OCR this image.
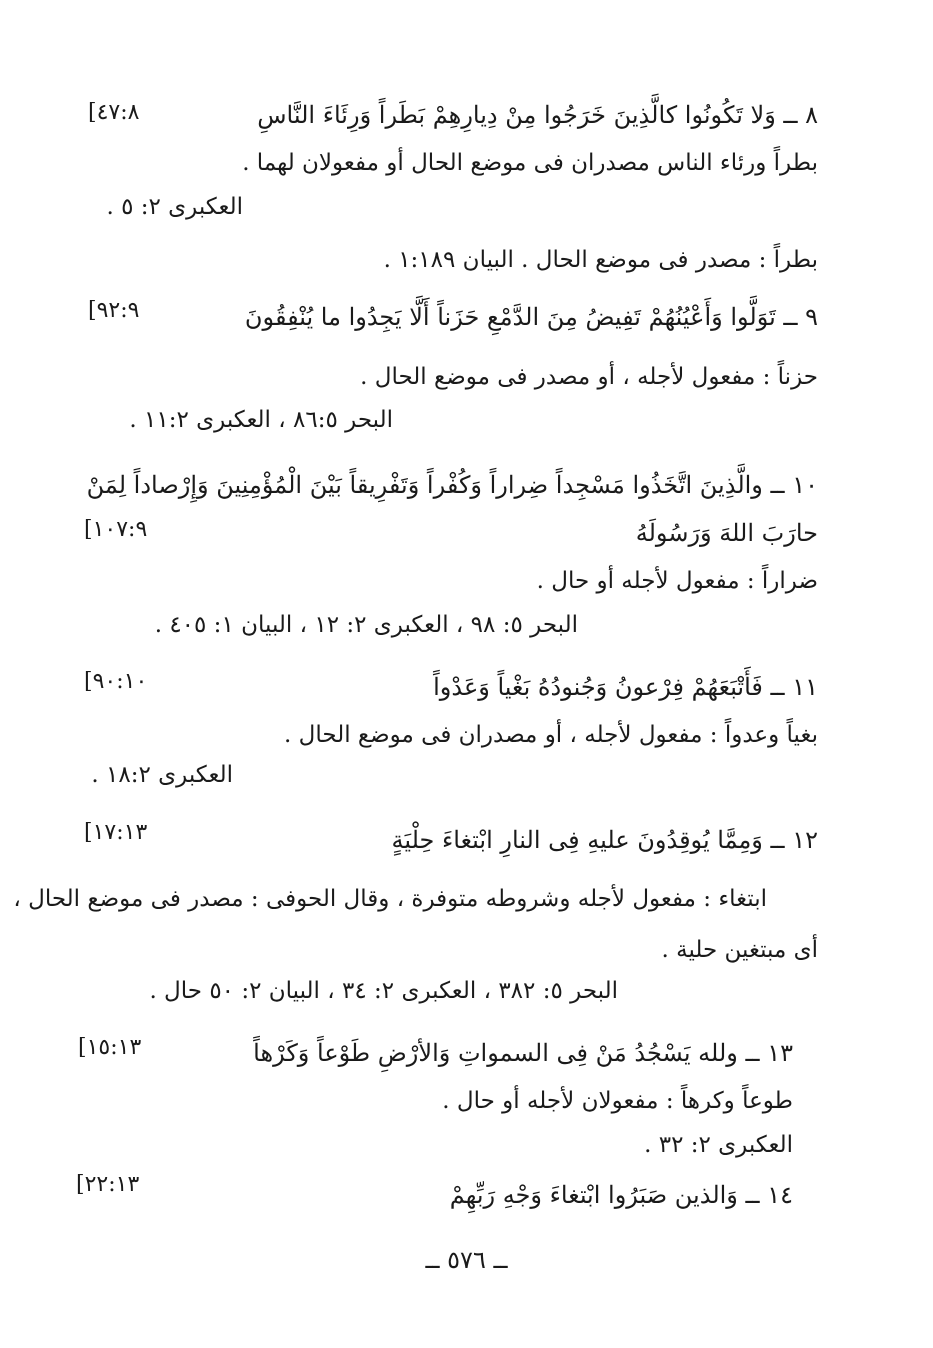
٨ ــ وَلا تَكُونُوا كالَّذِينَ خَرَجُوا مِنْ دِيارِهِمْ بَطَراً وَرِئَاءَ النَّاسِ
[٤٧:٨
بطراً ورئاء الناس مصدران فى موضع الحال أو مفعولان لهما .
العكبرى ٢: ٥ .
بطراً : مصدر فى موضع الحال . البيان ١:١٨٩ .
٩ ــ تَوَلَّوا وَأَعْيُنُهُمْ تَفِيضُ مِنَ الدَّمْعِ حَزَناً أَلَّا يَجِدُوا ما يُنْفِقُونَ
[٩٢:٩
حزناً : مفعول لأجله ، أو مصدر فى موضع الحال .
البحر ٨٦:٥ ، العكبرى ١١:٢ .
١٠ ــ والَّذِينَ اتَّخَذُوا مَسْجِداً ضِراراً وَكُفْراً وَتَفْرِيقاً بَيْنَ الْمُؤْمِنِينَ وَإِرْصاداً لِمَنْ
حارَبَ اللهَ وَرَسُولَهُ
[١٠٧:٩
ضراراً : مفعول لأجله أو حال .
البحر ٥: ٩٨ ، العكبرى ٢: ١٢ ، البيان ١: ٤٠٥ .
١١ ــ فَأَتْبَعَهُمْ فِرْعونُ وَجُنودُهُ بَغْياً وَعَدْواً
[٩٠:١٠
بغياً وعدواً : مفعول لأجله ، أو مصدران فى موضع الحال .
العكبرى ١٨:٢ .
١٢ ــ وَمِمَّا يُوقِدُونَ عليهِ فِى النارِ ابْتغاءَ حِلْيَةٍ
[١٧:١٣
ابتغاء : مفعول لأجله وشروطه متوفرة ، وقال الحوفى : مصدر فى موضع الحال ،
أى مبتغين حلية .
البحر ٥: ٣٨٢ ، العكبرى ٢: ٣٤ ، البيان ٢: ٥٠ حال .
١٣ ــ ولله يَسْجُدُ مَنْ فِى السمواتِ وَالأرْضِ طَوْعاً وَكَرْهاً
[١٥:١٣
طوعاً وكرهاً : مفعولان لأجله أو حال .
العكبرى ٢: ٣٢ .
١٤ ــ وَالذين صَبَرُوا ابْتغاءَ وَجْهِ رَبِّهِمْ
[٢٢:١٣
ــ ٥٧٦ ــ
